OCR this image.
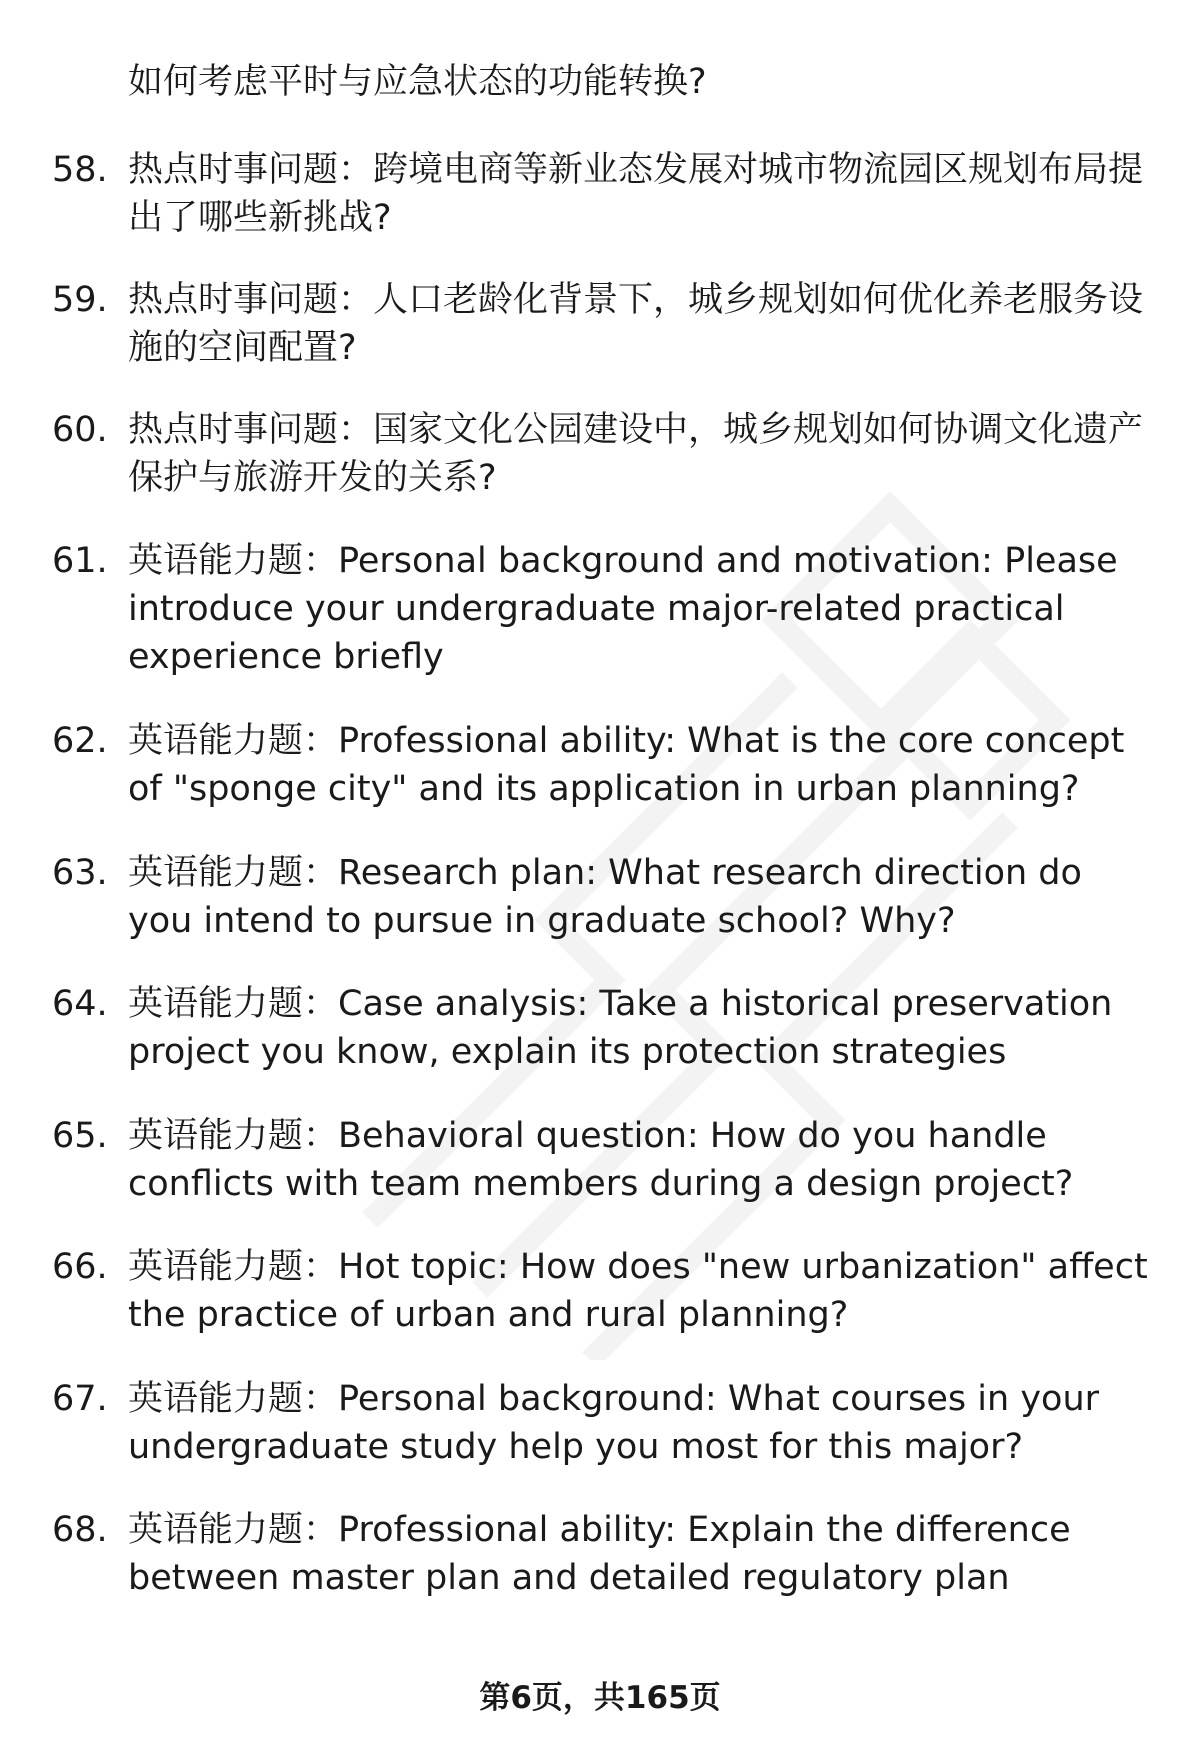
如何考虑平时与应急状态的功能转换?

58. 热点时事问题：跨境电商等新业态发展对城市物流园区规划布局提出了哪些新挑战?
59. 热点时事问题：人口老龄化背景下，城乡规划如何优化养老服务设施的空间配置?
60. 热点时事问题：国家文化公园建设中，城乡规划如何协调文化遗产保护与旅游开发的关系?
61. 英语能力题：Personal background and motivation: Please introduce your undergraduate major-related practical experience briefly
62. 英语能力题：Professional ability: What is the core concept of "sponge city" and its application in urban planning?
63. 英语能力题：Research plan: What research direction do you intend to pursue in graduate school? Why?
64. 英语能力题：Case analysis: Take a historical preservation project you know, explain its protection strategies
65. 英语能力题：Behavioral question: How do you handle conflicts with team members during a design project?
66. 英语能力题：Hot topic: How does "new urbanization" affect the practice of urban and rural planning?
67. 英语能力题：Personal background: What courses in your undergraduate study help you most for this major?
68. 英语能力题：Professional ability: Explain the difference between master plan and detailed regulatory plan
第6页，共165页
